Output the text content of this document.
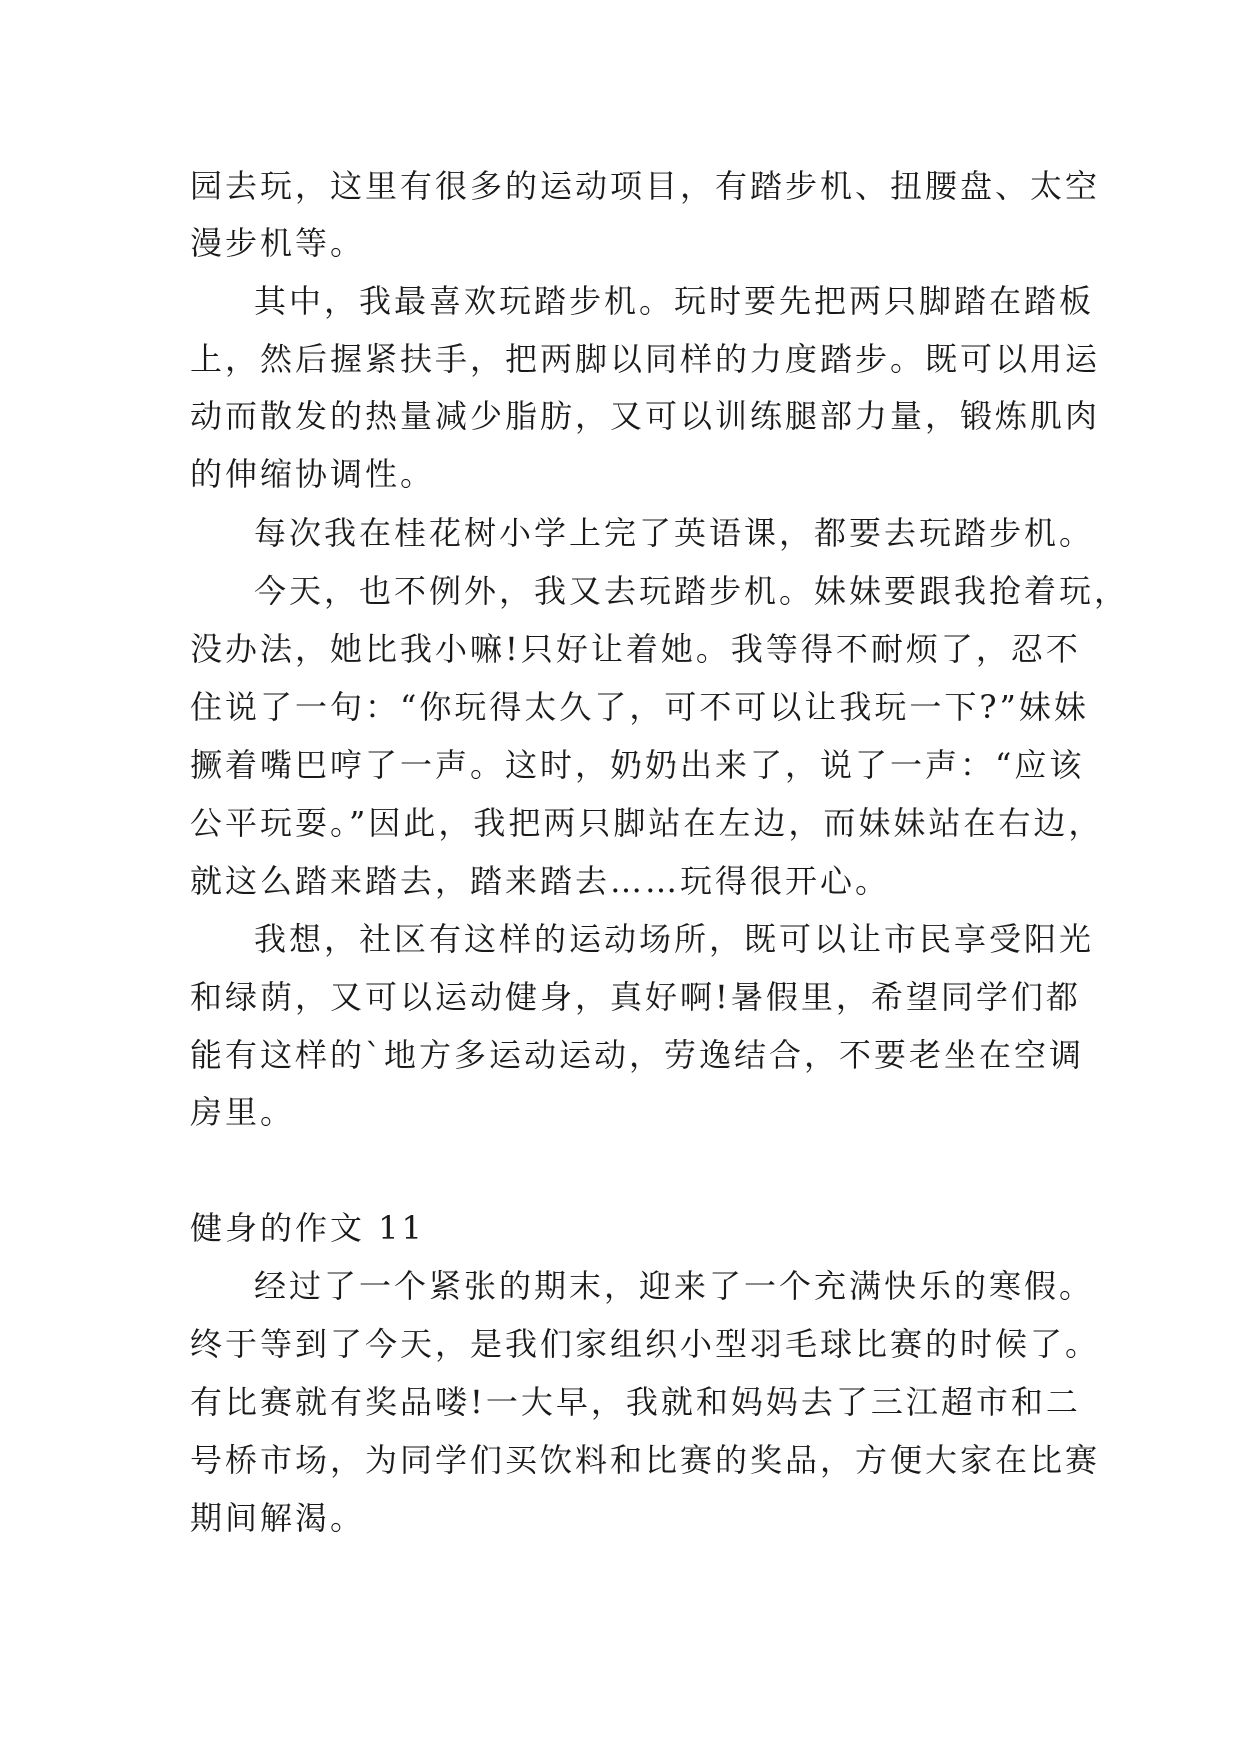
园去玩，这里有很多的运动项目，有踏步机、扭腰盘、太空
漫步机等。
其中，我最喜欢玩踏步机。玩时要先把两只脚踏在踏板
上，然后握紧扶手，把两脚以同样的力度踏步。既可以用运
动而散发的热量减少脂肪，又可以训练腿部力量，锻炼肌肉
的伸缩协调性。
每次我在桂花树小学上完了英语课，都要去玩踏步机。
今天，也不例外，我又去玩踏步机。妹妹要跟我抢着玩，
没办法，她比我小嘛!只好让着她。我等得不耐烦了，忍不
住说了一句：“你玩得太久了，可不可以让我玩一下?”妹妹
撅着嘴巴哼了一声。这时，奶奶出来了，说了一声：“应该
公平玩耍。”因此，我把两只脚站在左边，而妹妹站在右边，
就这么踏来踏去，踏来踏去……玩得很开心。
我想，社区有这样的运动场所，既可以让市民享受阳光
和绿荫，又可以运动健身，真好啊!暑假里，希望同学们都
能有这样的`地方多运动运动，劳逸结合，不要老坐在空调
房里。
健身的作文 11
经过了一个紧张的期末，迎来了一个充满快乐的寒假。
终于等到了今天，是我们家组织小型羽毛球比赛的时候了。
有比赛就有奖品喽!一大早，我就和妈妈去了三江超市和二
号桥市场，为同学们买饮料和比赛的奖品，方便大家在比赛
期间解渴。
